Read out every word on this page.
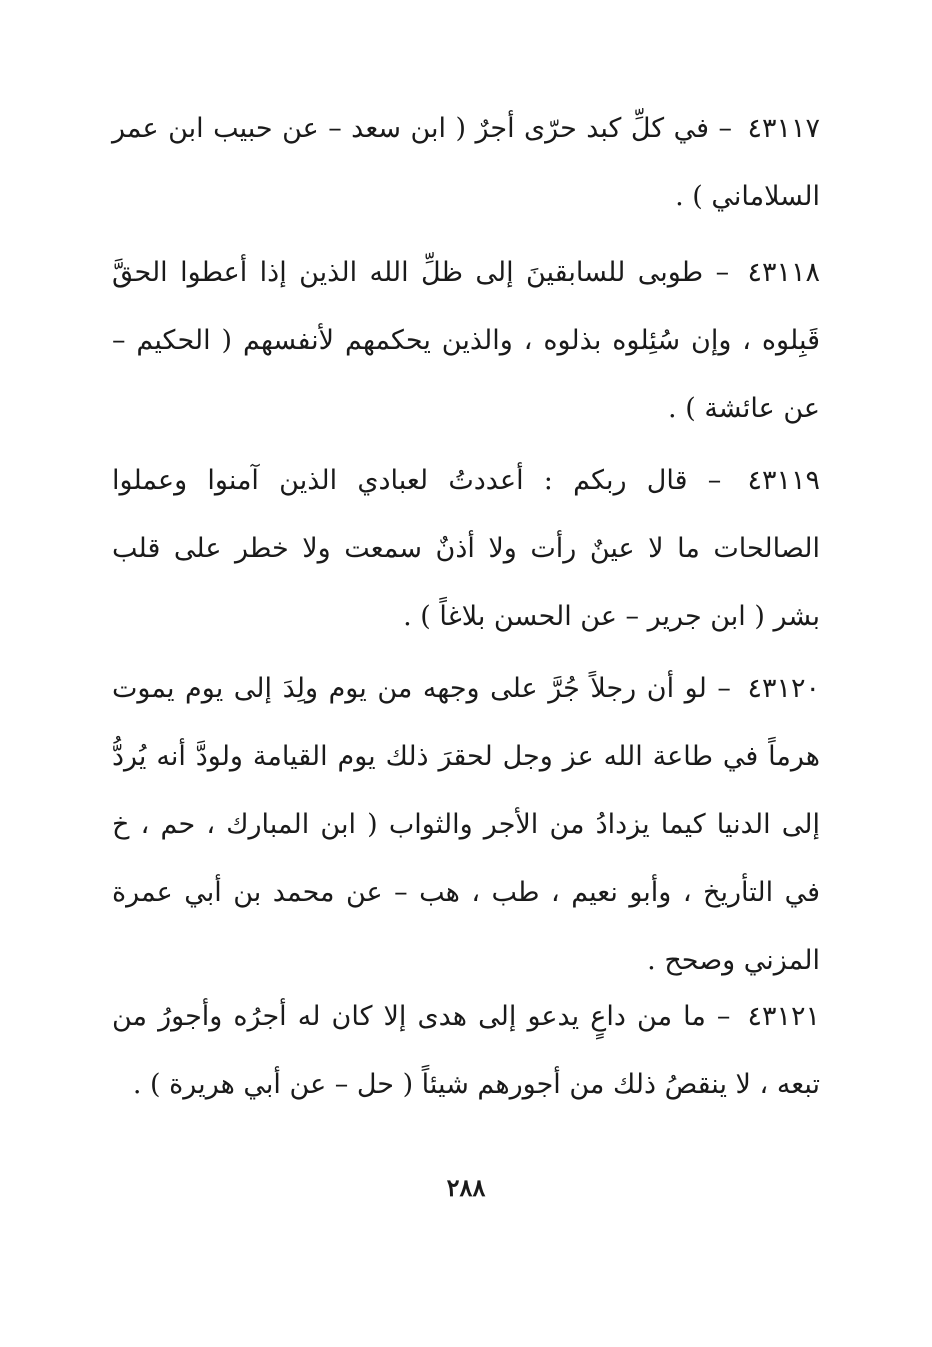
٤٣١١٧ – في كلِّ كبد حرّى أجرٌ ( ابن سعد – عن حبيب ابن عمر السلاماني ) .

٤٣١١٨ – طوبى للسابقينَ إلى ظلِّ الله الذين إذا أعطوا الحقَّ قَبِلوه ، وإن سُئِلوه بذلوه ، والذين يحكمهم لأنفسهم ( الحكيم – عن عائشة ) .

٤٣١١٩ – قال ربكم : أعددتُ لعبادي الذين آمنوا وعملوا الصالحات ما لا عينٌ رأت ولا أذنٌ سمعت ولا خطر على قلب بشر ( ابن جرير – عن الحسن بلاغاً ) .

٤٣١٢٠ – لو أن رجلاً جُرَّ على وجهه من يوم ولِدَ إلى يوم يموت هرماً في طاعة الله عز وجل لحقرَ ذلك يوم القيامة ولودَّ أنه يُردُّ إلى الدنيا كيما يزدادُ من الأجر والثواب ( ابن المبارك ، حم ، خ في التأريخ ، وأبو نعيم ، طب ، هب – عن محمد بن أبي عمرة المزني وصحح .

٤٣١٢١ – ما من داعٍ يدعو إلى هدى إلا كان له أجرُه وأجورُ من تبعه ، لا ينقصُ ذلك من أجورهم شيئاً ( حل – عن أبي هريرة ) .

٢٨٨
